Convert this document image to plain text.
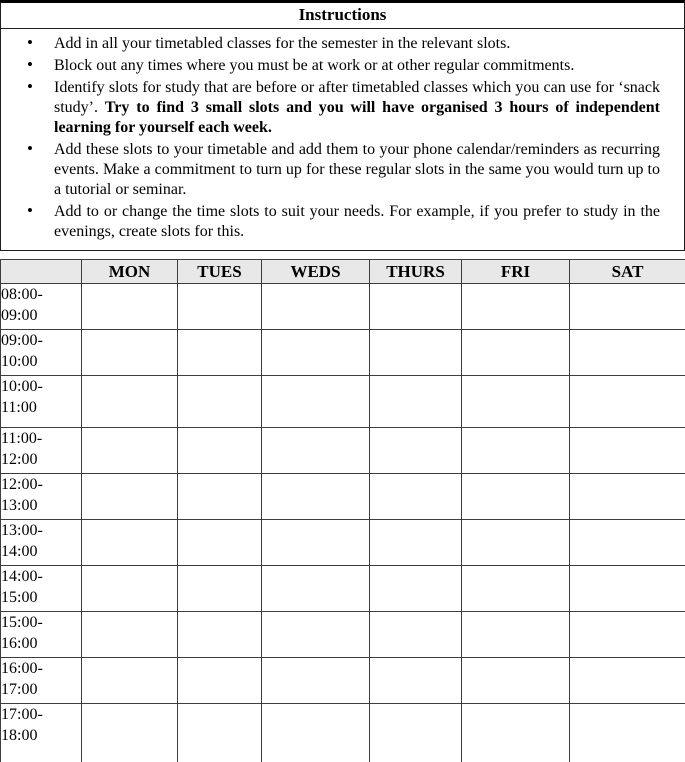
Instructions
• Add in all your timetabled classes for the semester in the relevant slots.
• Block out any times where you must be at work or at other regular commitments.
• Identify slots for study that are before or after timetabled classes which you can use for ‘snack study’. Try to find 3 small slots and you will have organised 3 hours of independent learning for yourself each week.
• Add these slots to your timetable and add them to your phone calendar/reminders as recurring events. Make a commitment to turn up for these regular slots in the same you would turn up to a tutorial or seminar.
• Add to or change the time slots to suit your needs. For example, if you prefer to study in the evenings, create slots for this.
	MON	TUES	WEDS	THURS	FRI	SAT
08:00-
09:00						
09:00-
10:00						
10:00-
11:00						
11:00-
12:00						
12:00-
13:00						
13:00-
14:00						
14:00-
15:00						
15:00-
16:00						
16:00-
17:00						
17:00-
18:00						
